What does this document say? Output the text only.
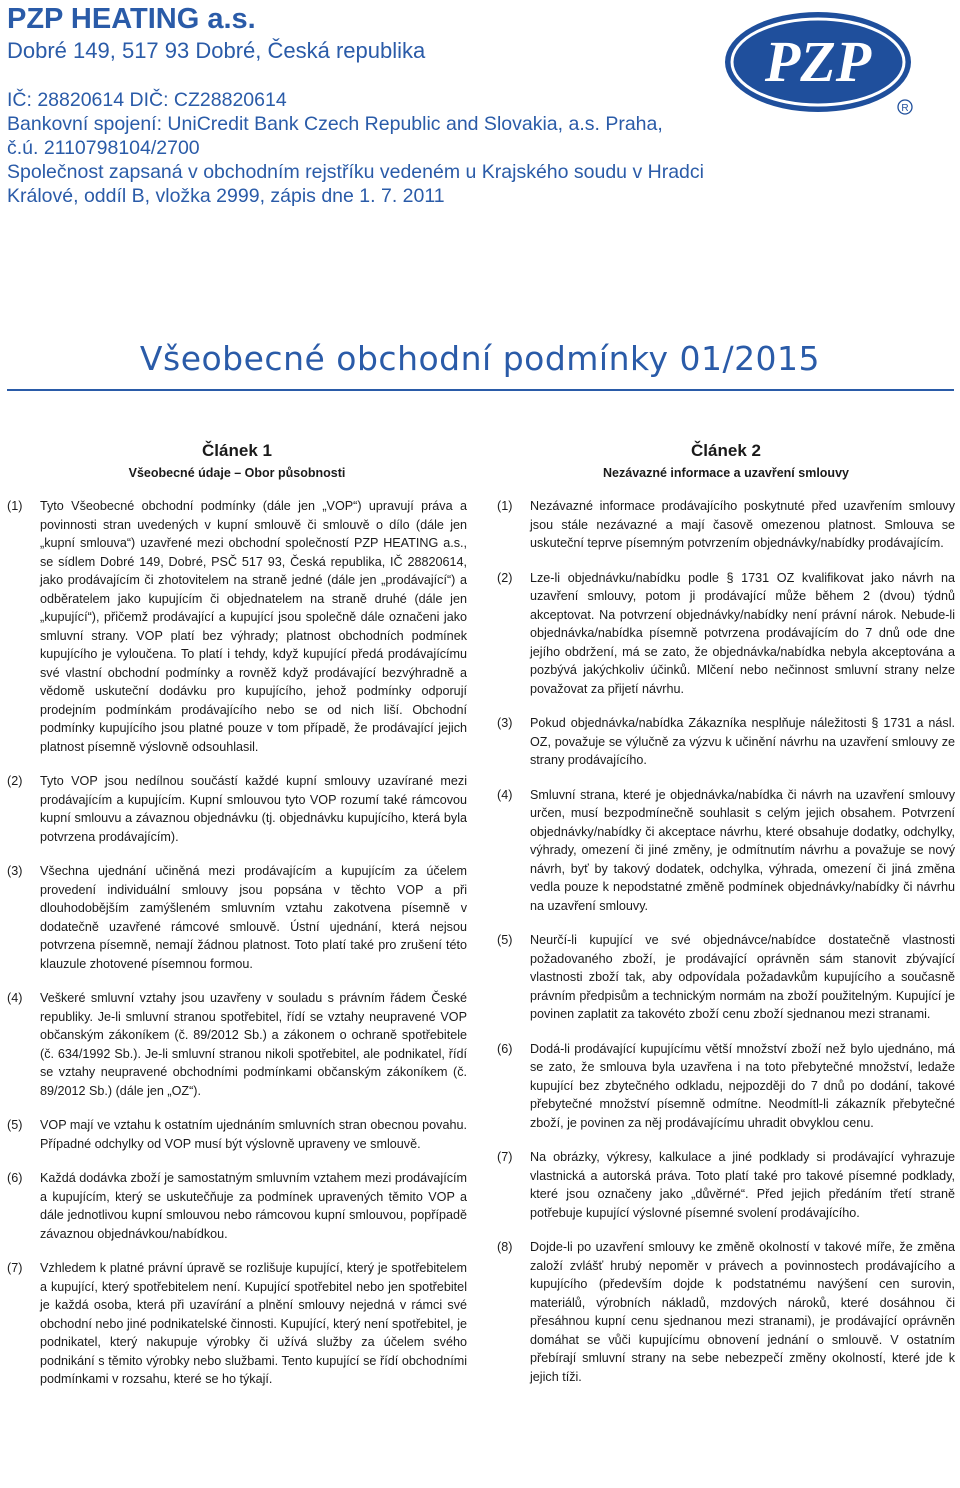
PZP HEATING a.s.
Dobré 149, 517 93 Dobré, Česká republika
IČ: 28820614 DIČ: CZ28820614
Bankovní spojení: UniCredit Bank Czech Republic and Slovakia, a.s. Praha,
č.ú. 2110798104/2700
Společnost zapsaná v obchodním rejstříku vedeném u Krajského soudu v Hradci
Králové, oddíl B, vložka 2999, zápis dne 1. 7. 2011
PZP
R
Všeobecné obchodní podmínky 01/2015
Článek 1
Všeobecné údaje – Obor působnosti
(1)	Tyto Všeobecné obchodní podmínky (dále jen „VOP“) upravují práva a povinnosti stran uvedených v kupní smlouvě či smlouvě o dílo (dále jen „kupní smlouva“) uzavřené mezi obchodní společností PZP HEATING a.s., se sídlem Dobré 149, Dobré, PSČ 517 93, Česká republika, IČ 28820614, jako prodávajícím či zhotovitelem na straně jedné (dále jen „prodávající“) a odběratelem jako kupujícím či objednatelem na straně druhé (dále jen „kupující“), přičemž prodávající a kupující jsou společně dále označeni jako smluvní strany. VOP platí bez výhrady; platnost obchodních podmínek kupujícího je vyloučena. To platí i tehdy, když kupující předá prodávajícímu své vlastní obchodní podmínky a rovněž když prodávající bezvýhradně a vědomě uskuteční dodávku pro kupujícího, jehož podmínky odporují prodejním podmínkám prodávajícího nebo se od nich liší. Obchodní podmínky kupujícího jsou platné pouze v tom případě, že prodávající jejich platnost písemně výslovně odsouhlasil.
(2)	Tyto VOP jsou nedílnou součástí každé kupní smlouvy uzavírané mezi prodávajícím a kupujícím. Kupní smlouvou tyto VOP rozumí také rámcovou kupní smlouvu a závaznou objednávku (tj. objednávku kupujícího, která byla potvrzena prodávajícím).
(3)	Všechna ujednání učiněná mezi prodávajícím a kupujícím za účelem provedení individuální smlouvy jsou popsána v těchto VOP a při dlouhodobějším zamýšleném smluvním vztahu zakotvena písemně v dodatečně uzavřené rámcové smlouvě. Ústní ujednání, která nejsou potvrzena písemně, nemají žádnou platnost. Toto platí také pro zrušení této klauzule zhotovené písemnou formou.
(4)	Veškeré smluvní vztahy jsou uzavřeny v souladu s právním řádem České republiky. Je-li smluvní stranou spotřebitel, řídí se vztahy neupravené VOP občanským zákoníkem (č. 89/2012 Sb.) a zákonem o ochraně spotřebitele (č. 634/1992 Sb.). Je-li smluvní stranou nikoli spotřebitel, ale podnikatel, řídí se vztahy neupravené obchodními podmínkami občanským zákoníkem (č. 89/2012 Sb.) (dále jen „OZ“).
(5)	VOP mají ve vztahu k ostatním ujednáním smluvních stran obecnou povahu. Případné odchylky od VOP musí být výslovně upraveny ve smlouvě.
(6)	Každá dodávka zboží je samostatným smluvním vztahem mezi prodávajícím a kupujícím, který se uskutečňuje za podmínek upravených těmito VOP a dále jednotlivou kupní smlouvou nebo rámcovou kupní smlouvou, popřípadě závaznou objednávkou/nabídkou.
(7)	Vzhledem k platné právní úpravě se rozlišuje kupující, který je spotřebitelem a kupující, který spotřebitelem není. Kupující spotřebitel nebo jen spotřebitel je každá osoba, která při uzavírání a plnění smlouvy nejedná v rámci své obchodní nebo jiné podnikatelské činnosti. Kupující, který není spotřebitel, je podnikatel, který nakupuje výrobky či užívá služby za účelem svého podnikání s těmito výrobky nebo službami. Tento kupující se řídí obchodními podmínkami v rozsahu, které se ho týkají.
Článek 2
Nezávazné informace a uzavření smlouvy
(1)	Nezávazné informace prodávajícího poskytnuté před uzavřením smlouvy jsou stále nezávazné a mají časově omezenou platnost. Smlouva se uskuteční teprve písemným potvrzením objednávky/nabídky prodávajícím.
(2)	Lze-li objednávku/nabídku podle § 1731 OZ kvalifikovat jako návrh na uzavření smlouvy, potom ji prodávající může během 2 (dvou) týdnů akceptovat. Na potvrzení objednávky/nabídky není právní nárok. Nebude-li objednávka/nabídka písemně potvrzena prodávajícím do 7 dnů ode dne jejího obdržení, má se zato, že objednávka/nabídka nebyla akceptována a pozbývá jakýchkoliv účinků. Mlčení nebo nečinnost smluvní strany nelze považovat za přijetí návrhu.
(3)	Pokud objednávka/nabídka Zákazníka nesplňuje náležitosti § 1731 a násl. OZ, považuje se výlučně za výzvu k učinění návrhu na uzavření smlouvy ze strany prodávajícího.
(4)	Smluvní strana, které je objednávka/nabídka či návrh na uzavření smlouvy určen, musí bezpodmínečně souhlasit s celým jejich obsahem. Potvrzení objednávky/nabídky či akceptace návrhu, které obsahuje dodatky, odchylky, výhrady, omezení či jiné změny, je odmítnutím návrhu a považuje se nový návrh, byť by takový dodatek, odchylka, výhrada, omezení či jiná změna vedla pouze k nepodstatné změně podmínek objednávky/nabídky či návrhu na uzavření smlouvy.
(5)	Neurčí-li kupující ve své objednávce/nabídce dostatečně vlastnosti požadovaného zboží, je prodávající oprávněn sám stanovit zbývající vlastnosti zboží tak, aby odpovídala požadavkům kupujícího a současně právním předpisům a technickým normám na zboží použitelným. Kupující je povinen zaplatit za takovéto zboží cenu zboží sjednanou mezi stranami.
(6)	Dodá-li prodávající kupujícímu větší množství zboží než bylo ujednáno, má se zato, že smlouva byla uzavřena i na toto přebytečné množství, ledaže kupující bez zbytečného odkladu, nejpozději do 7 dnů po dodání, takové přebytečné množství písemně odmítne. Neodmítl-li zákazník přebytečné zboží, je povinen za něj prodávajícímu uhradit obvyklou cenu.
(7)	Na obrázky, výkresy, kalkulace a jiné podklady si prodávající vyhrazuje vlastnická a autorská práva. Toto platí také pro takové písemné podklady, které jsou označeny jako „důvěrné“. Před jejich předáním třetí straně potřebuje kupující výslovné písemné svolení prodávajícího.
(8)	Dojde-li po uzavření smlouvy ke změně okolností v takové míře, že změna založí zvlášť hrubý nepoměr v právech a povinnostech prodávajícího a kupujícího (především dojde k podstatnému navýšení cen surovin, materiálů, výrobních nákladů, mzdových nároků, které dosáhnou či přesáhnou kupní cenu sjednanou mezi stranami), je prodávající oprávněn domáhat se vůči kupujícímu obnovení jednání o smlouvě. V ostatním přebírají smluvní strany na sebe nebezpečí změny okolností, které jde k jejich tíži.
